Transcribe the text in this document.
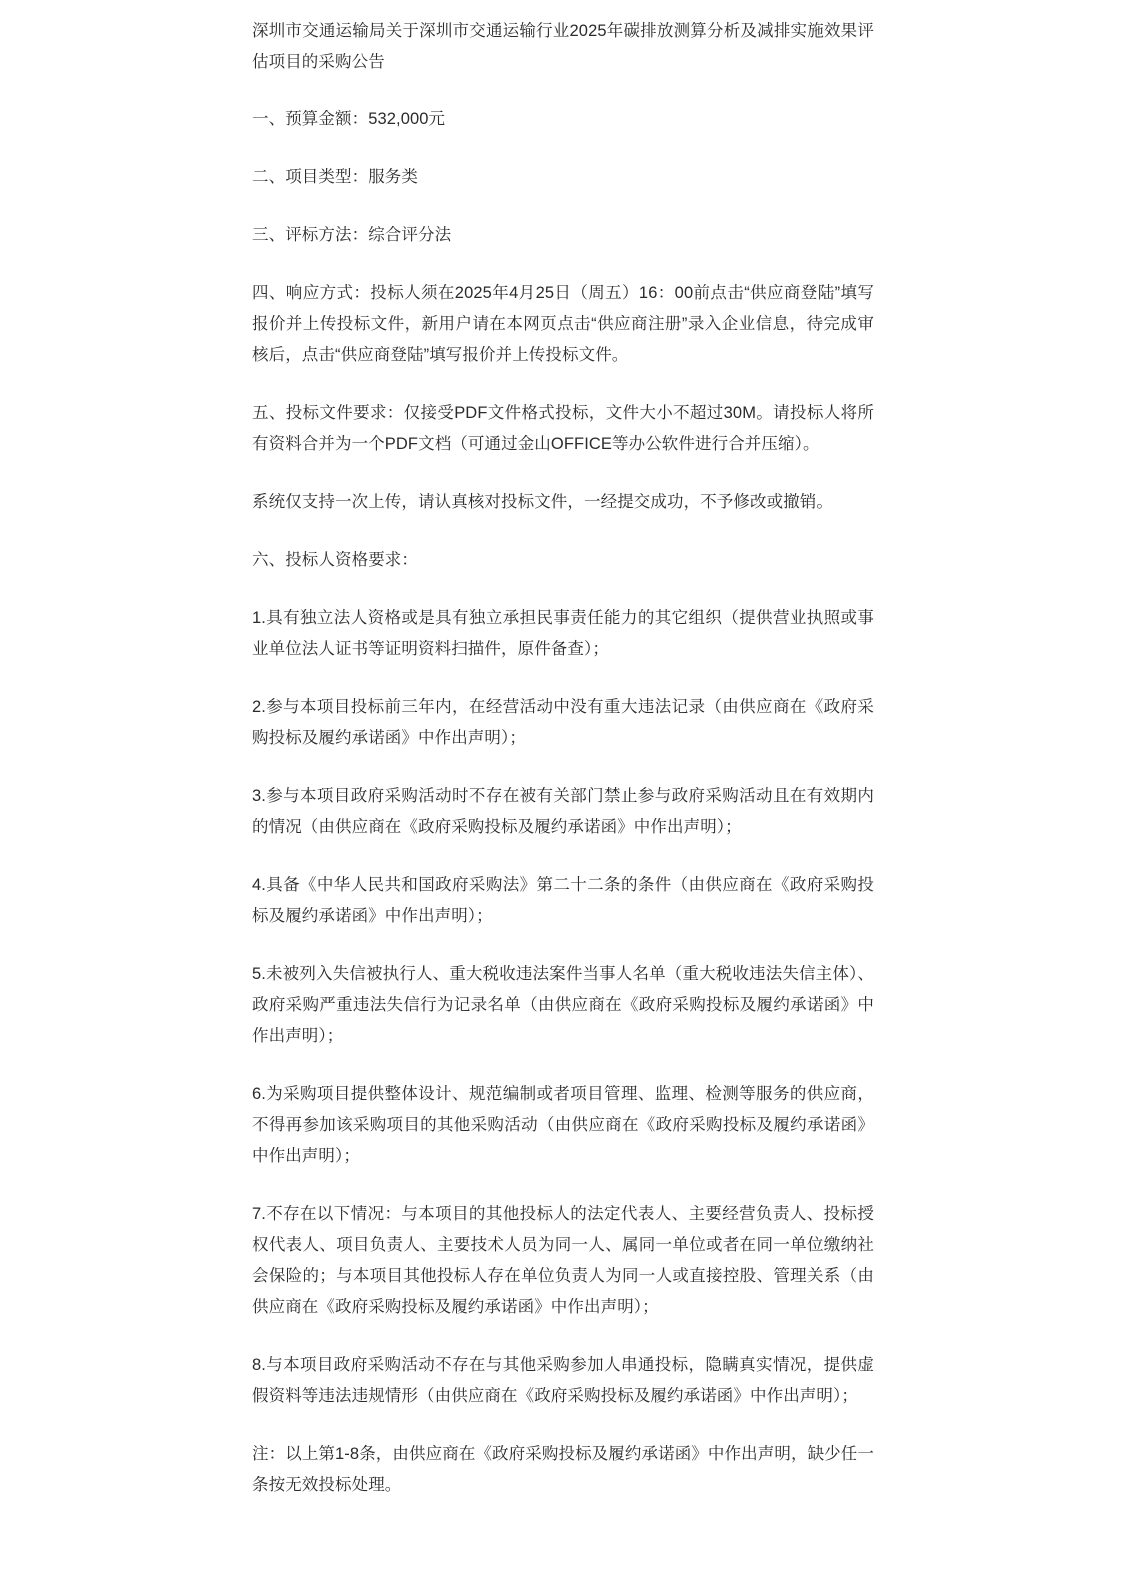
深圳市交通运输局关于深圳市交通运输行业2025年碳排放测算分析及减排实施效果评估项目的采购公告

一、预算金额：532,000元

二、项目类型：服务类

三、评标方法：综合评分法

四、响应方式：投标人须在2025年4月25日（周五）16：00前点击“供应商登陆”填写报价并上传投标文件，新用户请在本网页点击“供应商注册”录入企业信息，待完成审核后，点击“供应商登陆”填写报价并上传投标文件。

五、投标文件要求：仅接受PDF文件格式投标，文件大小不超过30M。请投标人将所有资料合并为一个PDF文档（可通过金山OFFICE等办公软件进行合并压缩）。

系统仅支持一次上传，请认真核对投标文件，一经提交成功，不予修改或撤销。

六、投标人资格要求：

1.具有独立法人资格或是具有独立承担民事责任能力的其它组织（提供营业执照或事业单位法人证书等证明资料扫描件，原件备查）；

2.参与本项目投标前三年内，在经营活动中没有重大违法记录（由供应商在《政府采购投标及履约承诺函》中作出声明）；

3.参与本项目政府采购活动时不存在被有关部门禁止参与政府采购活动且在有效期内的情况（由供应商在《政府采购投标及履约承诺函》中作出声明）；

4.具备《中华人民共和国政府采购法》第二十二条的条件（由供应商在《政府采购投标及履约承诺函》中作出声明）；

5.未被列入失信被执行人、重大税收违法案件当事人名单（重大税收违法失信主体）、政府采购严重违法失信行为记录名单（由供应商在《政府采购投标及履约承诺函》中作出声明）；

6.为采购项目提供整体设计、规范编制或者项目管理、监理、检测等服务的供应商，不得再参加该采购项目的其他采购活动（由供应商在《政府采购投标及履约承诺函》中作出声明）；

7.不存在以下情况：与本项目的其他投标人的法定代表人、主要经营负责人、投标授权代表人、项目负责人、主要技术人员为同一人、属同一单位或者在同一单位缴纳社会保险的；与本项目其他投标人存在单位负责人为同一人或直接控股、管理关系（由供应商在《政府采购投标及履约承诺函》中作出声明）；

8.与本项目政府采购活动不存在与其他采购参加人串通投标，隐瞒真实情况，提供虚假资料等违法违规情形（由供应商在《政府采购投标及履约承诺函》中作出声明）；

注：以上第1-8条，由供应商在《政府采购投标及履约承诺函》中作出声明，缺少任一条按无效投标处理。
